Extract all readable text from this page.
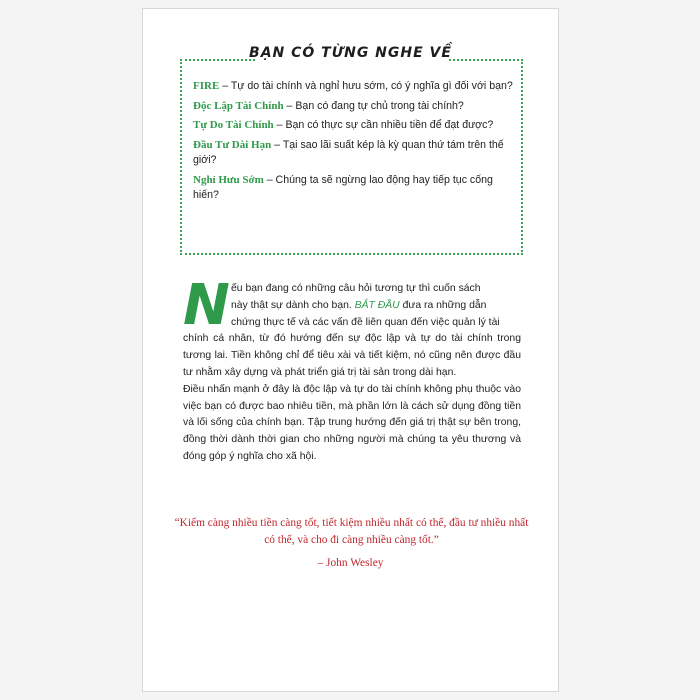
BẠN CÓ TỪNG NGHE VỀ
FIRE – Tự do tài chính và nghỉ hưu sớm, có ý nghĩa gì đối với bạn?
Độc Lập Tài Chính – Bạn có đang tự chủ trong tài chính?
Tự Do Tài Chính – Bạn có thực sự cần nhiều tiền để đạt được?
Đầu Tư Dài Hạn – Tại sao lãi suất kép là kỳ quan thứ tám trên thế giới?
Nghỉ Hưu Sớm – Chúng ta sẽ ngừng lao động hay tiếp tục cống hiến?
N ếu bạn đang có những câu hỏi tương tự thì cuốn sách
này thật sự dành cho bạn. BẮT ĐẦU đưa ra những dẫn
chứng thực tế và các vấn đề liên quan đến việc quản lý tài
chính cá nhân, từ đó hướng đến sự độc lập và tự do tài chính trong tương lai. Tiền không chỉ để tiêu xài và tiết kiệm, nó cũng nên được đầu tư nhằm xây dựng và phát triển giá trị tài sản trong dài hạn.

Điều nhấn mạnh ở đây là độc lập và tự do tài chính không phụ thuộc vào việc bạn có được bao nhiêu tiền, mà phần lớn là cách sử dụng đồng tiền và lối sống của chính bạn. Tập trung hướng đến giá trị thật sự bên trong, đồng thời dành thời gian cho những người mà chúng ta yêu thương và đóng góp ý nghĩa cho xã hội.

“Kiếm càng nhiều tiền càng tốt, tiết kiệm nhiều nhất có thể, đầu tư nhiều nhất có thể, và cho đi càng nhiều càng tốt.”
– John Wesley
